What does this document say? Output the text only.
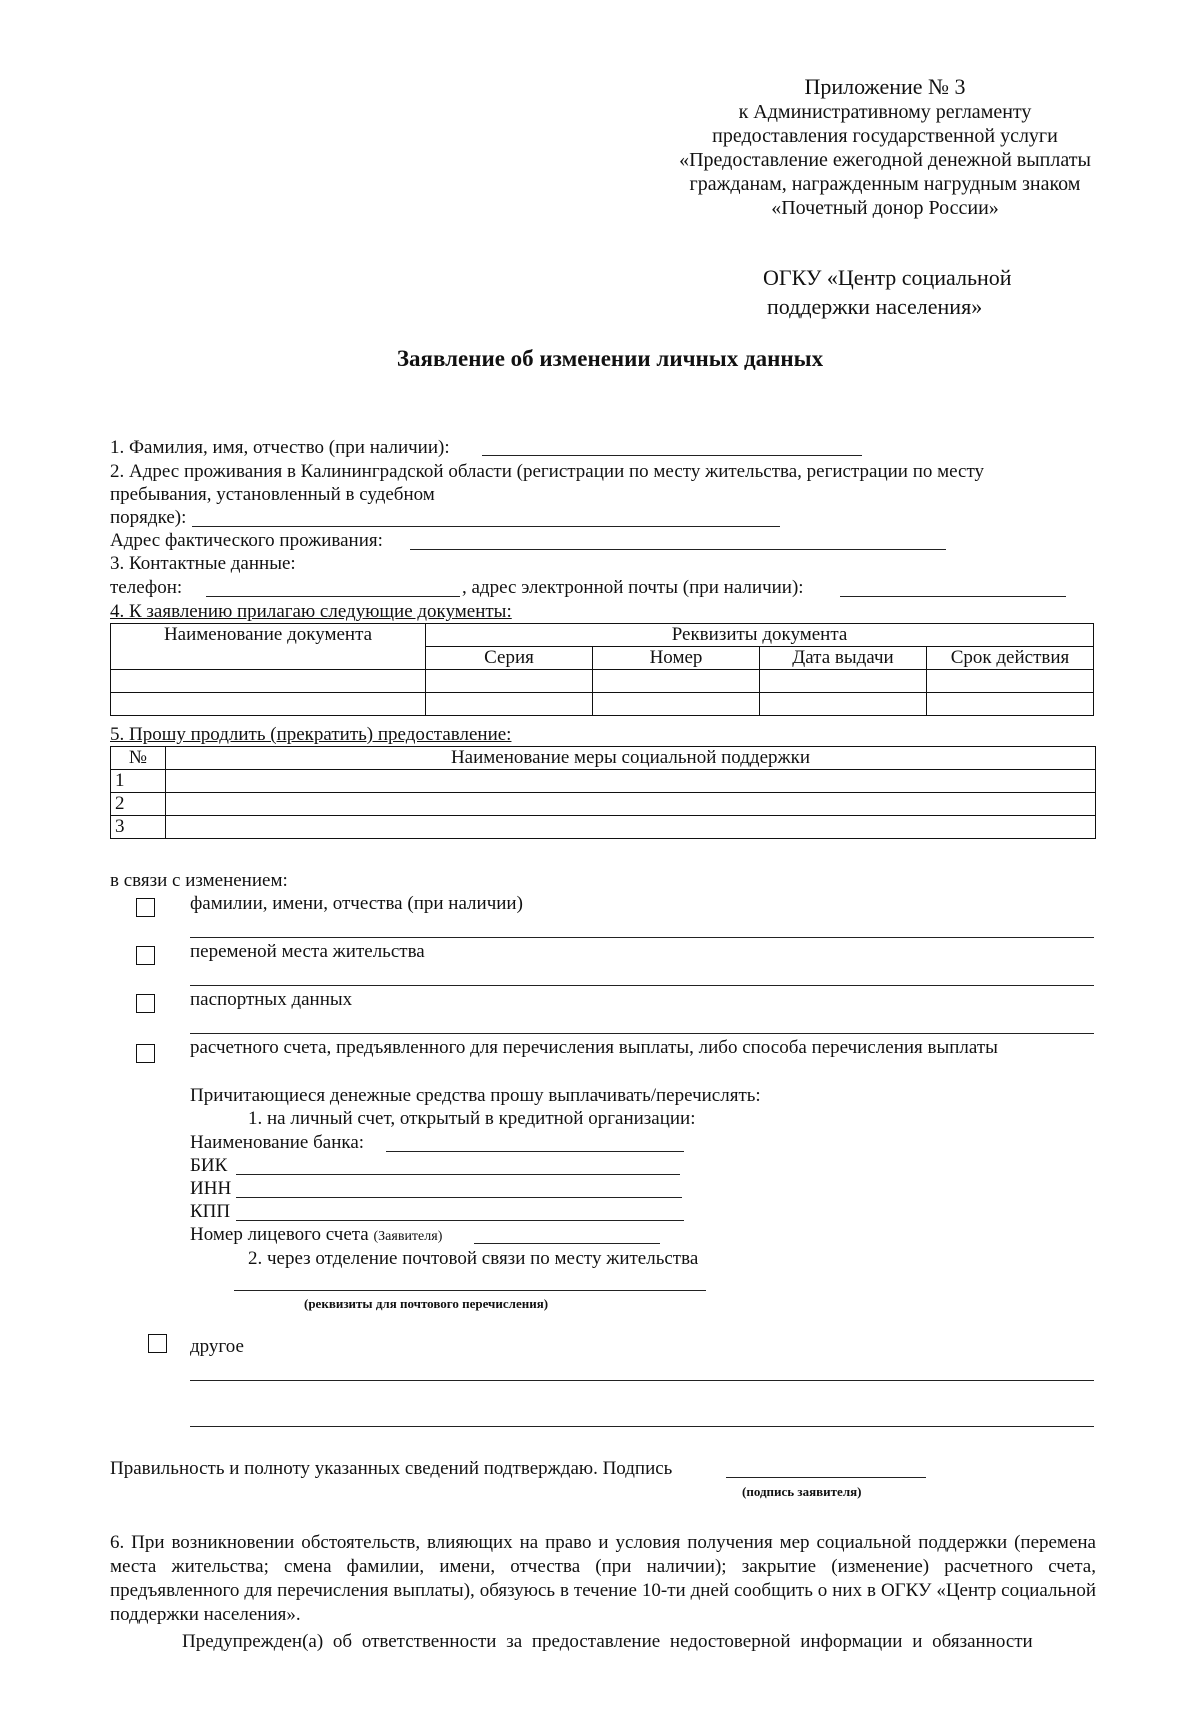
Приложение № 3
к Административному регламенту
предоставления государственной услуги
«Предоставление ежегодной денежной выплаты
гражданам, награжденным нагрудным знаком
«Почетный донор России»
ОГКУ «Центр социальной
поддержки населения»
Заявление об изменении личных данных
1. Фамилия, имя, отчество (при наличии):
2. Адрес проживания в Калининградской области (регистрации по месту жительства, регистрации по месту
пребывания, установленный в судебном
порядке):
Адрес фактического проживания:
3. Контактные данные:
телефон:	, адрес электронной почты (при наличии):
4. К заявлению прилагаю следующие документы:
Наименование документа	Реквизиты документа			
	Серия	Номер	Дата выдачи	Срок действия

5. Прошу продлить (прекратить) предоставление:
№	Наименование меры социальной поддержки
1	
2	
3	
в связи с изменением:
фамилии, имени, отчества (при наличии)
переменой места жительства
паспортных данных
расчетного счета, предъявленного для перечисления выплаты, либо способа перечисления выплаты
Причитающиеся денежные средства прошу выплачивать/перечислять:
1. на личный счет, открытый в кредитной организации:
Наименование банка:
БИК
ИНН
КПП
Номер лицевого счета (Заявителя)
2. через отделение почтовой связи по месту жительства
(реквизиты для почтового перечисления)
другое
Правильность и полноту указанных сведений подтверждаю. Подпись
(подпись заявителя)
6. При возникновении обстоятельств, влияющих на право и условия получения мер социальной поддержки (перемена места жительства; смена фамилии, имени, отчества (при наличии); закрытие (изменение) расчетного счета, предъявленного для перечисления выплаты), обязуюсь в течение 10-ти дней сообщить о них в ОГКУ «Центр социальной поддержки населения».
Предупрежден(а) об ответственности за предоставление недостоверной информации и обязанности
